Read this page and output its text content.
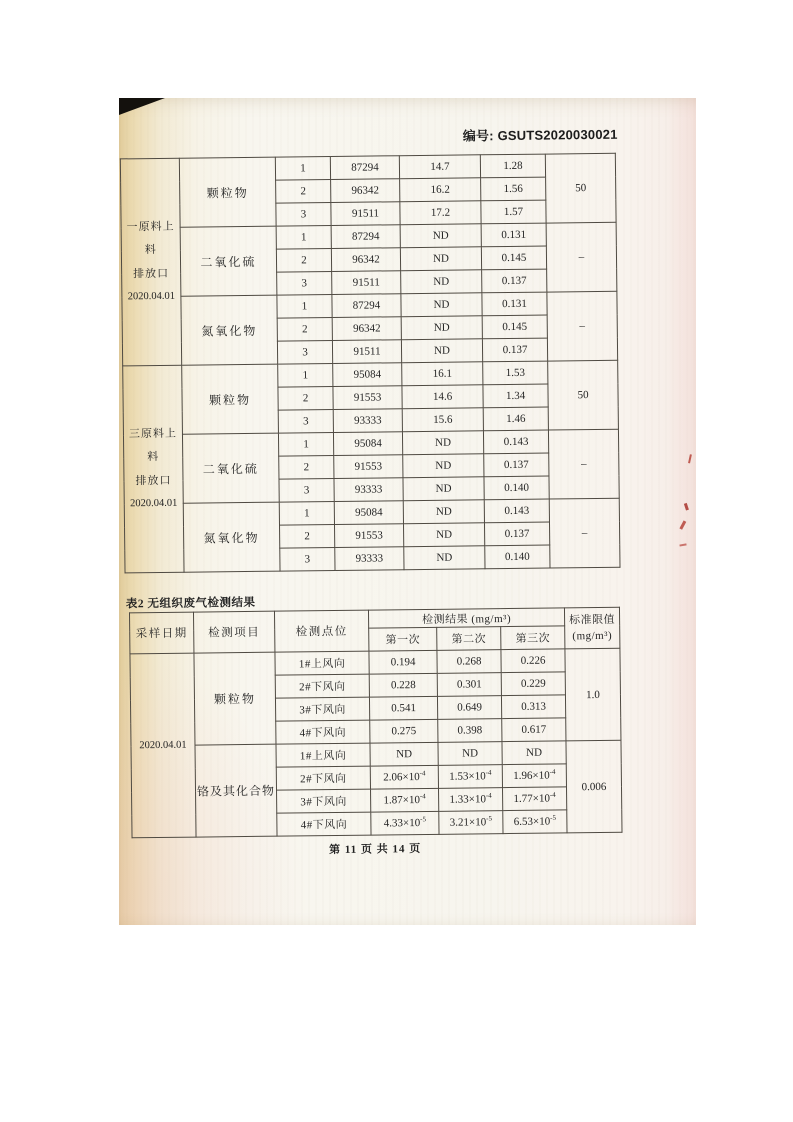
编号: GSUTS2020030021
一原料上料
排放口
2020.04.01	颗粒物	1	87294	14.7	1.28	50
		2	96342	16.2	1.56	
		3	91511	17.2	1.57	
	二氧化硫	1	87294	ND	0.131	–
		2	96342	ND	0.145	
		3	91511	ND	0.137	
	氮氧化物	1	87294	ND	0.131	–
		2	96342	ND	0.145	
		3	91511	ND	0.137	

三原料上料
排放口
2020.04.01	颗粒物	1	95084	16.1	1.53	50
		2	91553	14.6	1.34	
		3	93333	15.6	1.46	
	二氧化硫	1	95084	ND	0.143	–
		2	91553	ND	0.137	
		3	93333	ND	0.140	
	氮氧化物	1	95084	ND	0.143	–
		2	91553	ND	0.137	
		3	93333	ND	0.140	
表2 无组织废气检测结果
采样日期	检测项目	检测点位	检测结果 (mg/m³)			标准限值
(mg/m³)

			第一次	第二次	第三次	
2020.04.01	颗粒物	1#上风向	0.194	0.268	0.226	1.0
		2#下风向	0.228	0.301	0.229	
		3#下风向	0.541	0.649	0.313	
		4#下风向	0.275	0.398	0.617	
	铬及其化合物	1#上风向	ND	ND	ND	0.006
		2#下风向	$2.06\times 10^{-4}$	$1.53\times 10^{-4}$	$1.96\times 10^{-4}$
		3#下风向	$1.87\times 10^{-4}$	$1.33\times 10^{-4}$	$1.77\times 10^{-4}$
		4#下风向	$4.33\times 10^{-5}$	$3.21\times 10^{-5}$	$6.53\times 10^{-5}$
第 11 页 共 14 页
